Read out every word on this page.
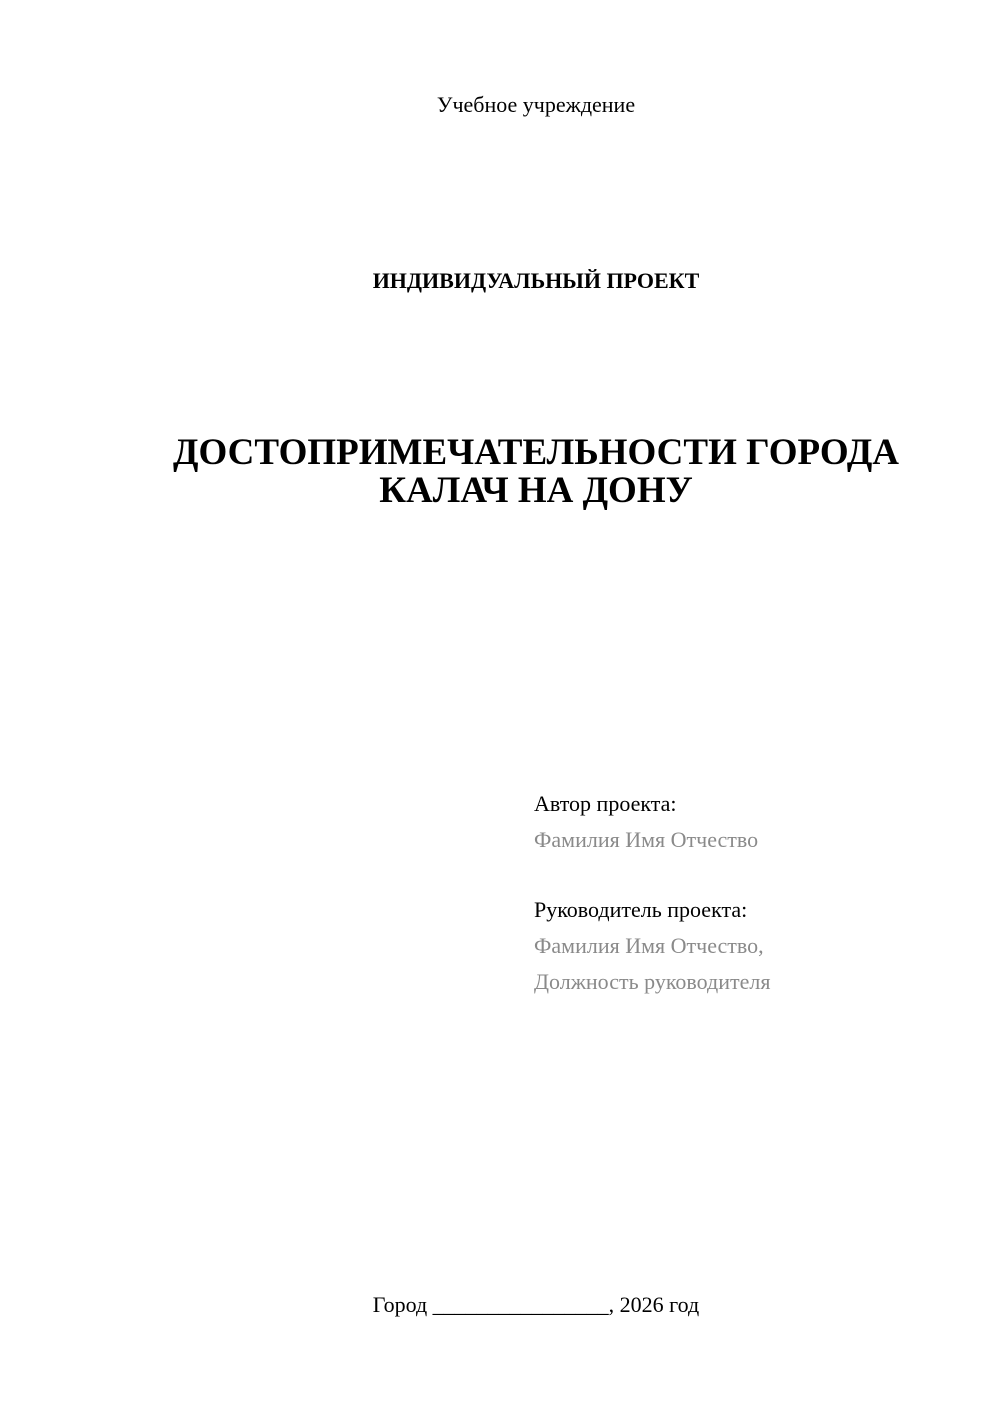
Учебное учреждение
ИНДИВИДУАЛЬНЫЙ ПРОЕКТ
ДОСТОПРИМЕЧАТЕЛЬНОСТИ ГОРОДА
КАЛАЧ НА ДОНУ
Автор проекта:
Фамилия Имя Отчество
Руководитель проекта:
Фамилия Имя Отчество,
Должность руководителя
Город ________________, 2026 год
